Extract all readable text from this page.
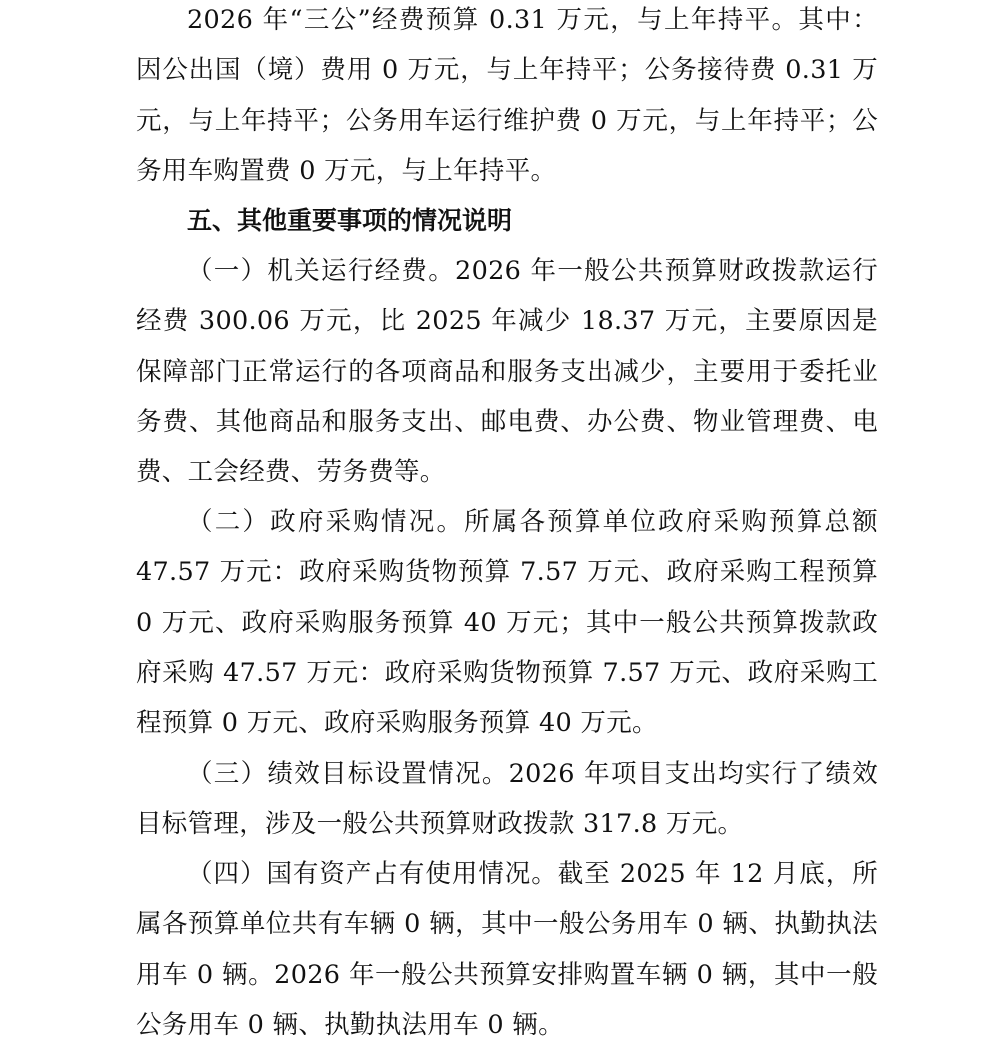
2026 年“三公”经费预算 0.31 万元，与上年持平。其中：因公出国（境）费用 0 万元，与上年持平；公务接待费 0.31 万元，与上年持平；公务用车运行维护费 0 万元，与上年持平；公务用车购置费 0 万元，与上年持平。

五、其他重要事项的情况说明

（一）机关运行经费。2026 年一般公共预算财政拨款运行经费 300.06 万元，比 2025 年减少 18.37 万元，主要原因是保障部门正常运行的各项商品和服务支出减少，主要用于委托业务费、其他商品和服务支出、邮电费、办公费、物业管理费、电费、工会经费、劳务费等。

（二）政府采购情况。所属各预算单位政府采购预算总额 47.57 万元：政府采购货物预算 7.57 万元、政府采购工程预算 0 万元、政府采购服务预算 40 万元；其中一般公共预算拨款政府采购 47.57 万元：政府采购货物预算 7.57 万元、政府采购工程预算 0 万元、政府采购服务预算 40 万元。

（三）绩效目标设置情况。2026 年项目支出均实行了绩效目标管理，涉及一般公共预算财政拨款 317.8 万元。

（四）国有资产占有使用情况。截至 2025 年 12 月底，所属各预算单位共有车辆 0 辆，其中一般公务用车 0 辆、执勤执法用车 0 辆。2026 年一般公共预算安排购置车辆 0 辆，其中一般公务用车 0 辆、执勤执法用车 0 辆。
